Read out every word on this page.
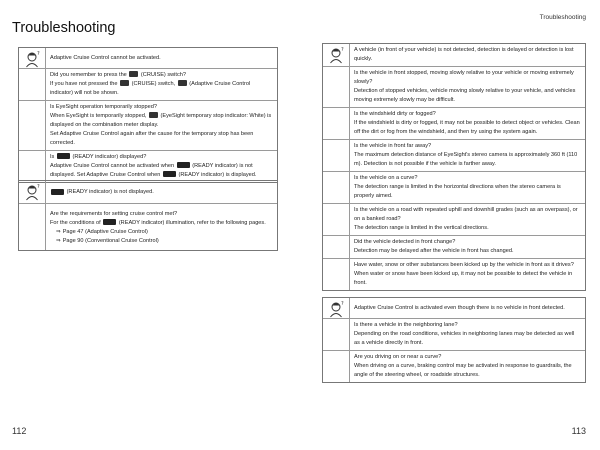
Troubleshooting
Troubleshooting
?
Adaptive Cruise Control cannot be activated.

Did you remember to press the	(CRUISE) switch?

If you have not pressed the	(CRUISE) switch,	(Adaptive Cruise Control indicator) will not be shown.

Is EyeSight operation temporarily stopped?

When EyeSight is temporarily stopped,	(EyeSight temporary stop indicator: White) is displayed on the combination meter display.

Set Adaptive Cruise Control again after the cause for the temporary stop has been corrected.

Is	(READY indicator) displayed?

Adaptive Cruise Control cannot be activated when	(READY indicator) is not displayed. Set Adaptive Cruise Control when	(READY indicator) is displayed.

?

(READY indicator) is not displayed.

Are the requirements for setting cruise control met?

For the conditions of	(READY indicator) illumination, refer to the following pages.

⇒ Page 47 (Adaptive Cruise Control)

⇒ Page 90 (Conventional Cruise Control)

? A vehicle (in front of your vehicle) is not detected, detection is delayed or detection is lost quickly.

Is the vehicle in front stopped, moving slowly relative to your vehicle or moving extremely slowly?

Detection of stopped vehicles, vehicle moving slowly relative to your vehicle, and vehicles moving extremely slowly may be difficult.

Is the windshield dirty or fogged?

If the windshield is dirty or fogged, it may not be possible to detect object or vehicles. Clean off the dirt or fog from the windshield, and then try using the system again.

Is the vehicle in front far away?

The maximum detection distance of EyeSight's stereo camera is approximately 360 ft (110 m). Detection is not possible if the vehicle is farther away.

Is the vehicle on a curve?

The detection range is limited in the horizontal directions when the stereo camera is properly aimed.

Is the vehicle on a road with repeated uphill and downhill grades (such as an overpass), or on a banked road?

The detection range is limited in the vertical directions.

Did the vehicle detected in front change?

Detection may be delayed after the vehicle in front has changed.

Have water, snow or other substances been kicked up by the vehicle in front as it drives?

When water or snow have been kicked up, it may not be possible to detect the vehicle in front.

?
Adaptive Cruise Control is activated even though there is no vehicle in front detected.

Is there a vehicle in the neighboring lane?

Depending on the road conditions, vehicles in neighboring lanes may be detected as well as a vehicle directly in front.

Are you driving on or near a curve?

When driving on a curve, braking control may be activated in response to guardrails, the angle of the steering wheel, or roadside structures.

112	113
